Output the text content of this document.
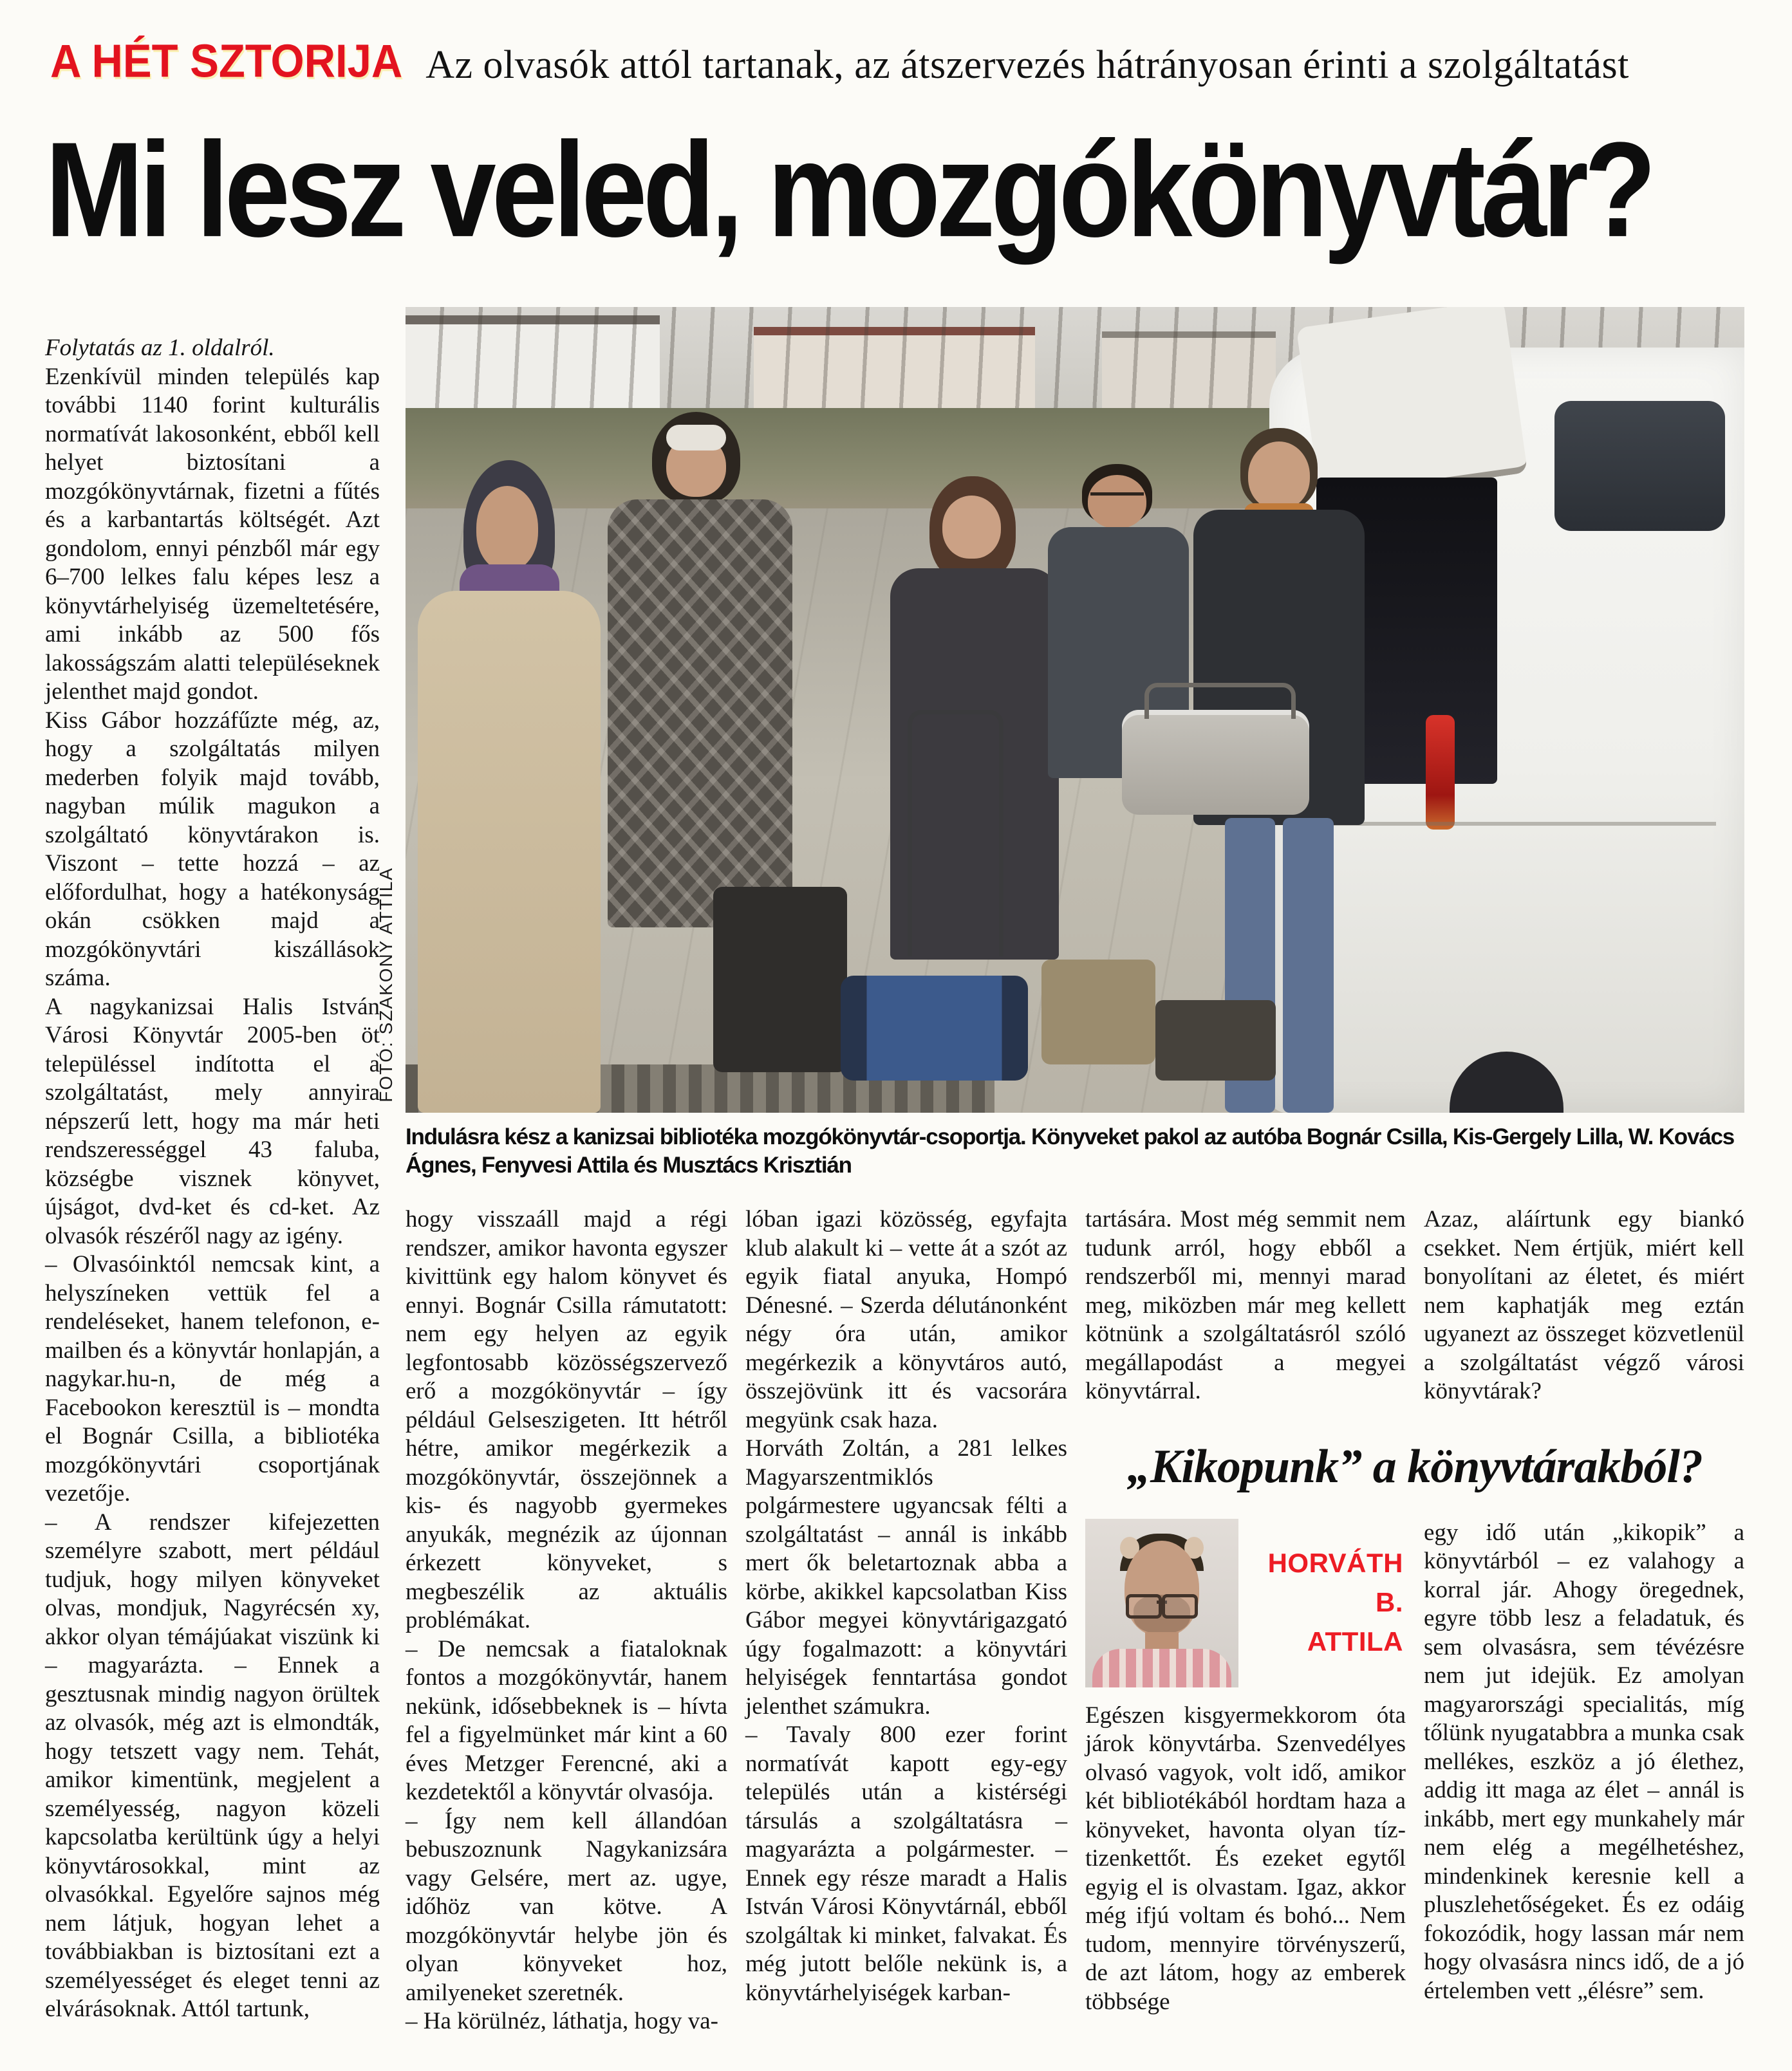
A HÉT SZTORIJA Az olvasók attól tartanak, az átszervezés hátrányosan érinti a szolgáltatást
Mi lesz veled, mozgókönyvtár?

Folytatás az 1. oldalról.

Ezenkívül minden település kap további 1140 forint kulturális normatívát lakosonként, ebből kell helyet biztosítani a mozgókönyvtárnak, fizetni a fűtés és a karbantartás költségét. Azt gondolom, ennyi pénzből már egy 6–700 lelkes falu képes lesz a könyvtárhelyiség üzemeltetésére, ami inkább az 500 fős lakosságszám alatti településeknek jelenthet majd gondot.

Kiss Gábor hozzáfűzte még, az, hogy a szolgáltatás milyen mederben folyik majd tovább, nagyban múlik magukon a szolgáltató könyvtárakon is. Viszont – tette hozzá – az előfordulhat, hogy a hatékonyság okán csökken majd a mozgókönyvtári kiszállások száma.

A nagykanizsai Halis István Városi Könyvtár 2005-ben öt településsel indította el a szolgáltatást, mely annyira népszerű lett, hogy ma már heti rendszerességgel 43 faluba, községbe visznek könyvet, újságot, dvd-ket és cd-ket. Az olvasók részéről nagy az igény.

– Olvasóinktól nemcsak kint, a helyszíneken vettük fel a rendeléseket, hanem telefonon, e-mailben és a könyvtár honlapján, a nagykar.hu-n, de még a Facebookon keresztül is – mondta el Bognár Csilla, a bibliotéka mozgókönyvtári csoportjának vezetője.

– A rendszer kifejezetten személyre szabott, mert például tudjuk, hogy milyen könyveket olvas, mondjuk, Nagyrécsén xy, akkor olyan témájúakat viszünk ki – magyarázta. – Ennek a gesztusnak mindig nagyon örültek az olvasók, még azt is elmondták, hogy tetszett vagy nem. Tehát, amikor kimentünk, megjelent a személyesség, nagyon közeli kapcsolatba kerültünk úgy a helyi könyvtárosokkal, mint az olvasókkal. Egyelőre sajnos még nem látjuk, hogyan lehet a továbbiakban is biztosítani ezt a személyességet és eleget tenni az elvárásoknak. Attól tartunk,

FOTÓ: SZAKONY ATTILA

Indulásra kész a kanizsai bibliotéka mozgókönyvtár-csoportja. Könyveket pakol az autóba Bognár Csilla, Kis-Gergely Lilla, W. Kovács Ágnes, Fenyvesi Attila és Musztács Krisztián

hogy visszaáll majd a régi rendszer, amikor havonta egyszer kivittünk egy halom könyvet és ennyi. Bognár Csilla rámutatott: nem egy helyen az egyik legfontosabb közösségszervező erő a mozgókönyvtár – így például Gelseszigeten. Itt hétről hétre, amikor megérkezik a mozgókönyvtár, összejönnek a kis- és nagyobb gyermekes anyukák, megnézik az újonnan érkezett könyveket, s megbeszélik az aktuális problémákat.

– De nemcsak a fiataloknak fontos a mozgókönyvtár, hanem nekünk, idősebbeknek is – hívta fel a figyelmünket már kint a 60 éves Metzger Ferencné, aki a kezdetektől a könyvtár olvasója.

– Így nem kell állandóan bebuszoznunk Nagykanizsára vagy Gelsére, mert az. ugye, időhöz van kötve. A mozgókönyvtár helybe jön és olyan könyveket hoz, amilyeneket szeretnék.

– Ha körülnéz, láthatja, hogy va-

lóban igazi közösség, egyfajta klub alakult ki – vette át a szót az egyik fiatal anyuka, Hompó Dénesné. – Szerda délutánonként négy óra után, amikor megérkezik a könyvtáros autó, összejövünk itt és vacsorára megyünk csak haza.

Horváth Zoltán, a 281 lelkes Magyarszentmiklós polgármestere ugyancsak félti a szolgáltatást – annál is inkább mert ők beletartoznak abba a körbe, akikkel kapcsolatban Kiss Gábor megyei könyvtárigazgató úgy fogalmazott: a könyvtári helyiségek fenntartása gondot jelenthet számukra.

– Tavaly 800 ezer forint normatívát kapott egy-egy település után a kistérségi társulás a szolgáltatásra – magyarázta a polgármester. – Ennek egy része maradt a Halis István Városi Könyvtárnál, ebből szolgáltak ki minket, falvakat. És még jutott belőle nekünk is, a könyvtárhelyiségek karban-

tartására. Most még semmit nem tudunk arról, hogy ebből a rendszerből mi, mennyi marad meg, miközben már meg kellett kötnünk a szolgáltatásról szóló megállapodást a megyei könyvtárral.

Azaz, aláírtunk egy biankó csekket. Nem értjük, miért kell bonyolítani az életet, és miért nem kaphatják meg eztán ugyanezt az összeget közvetlenül a szolgáltatást végző városi könyvtárak?

„Kikopunk” a könyvtárakból?
HORVÁTH B.
ATTILA

Egészen kisgyermekkorom óta járok könyvtárba. Szenvedélyes olvasó vagyok, volt idő, amikor két bibliotékából hordtam haza a könyveket, havonta olyan tíz-tizenkettőt. És ezeket egytől egyig el is olvastam. Igaz, akkor még ifjú voltam és bohó... Nem tudom, mennyire törvényszerű, de azt látom, hogy az emberek többsége

egy idő után „kikopik” a könyvtárból – ez valahogy a korral jár. Ahogy öregednek, egyre több lesz a feladatuk, és sem olvasásra, sem tévézésre nem jut idejük. Ez amolyan magyarországi specialitás, míg tőlünk nyugatabbra a munka csak mellékes, eszköz a jó élethez, addig itt maga az élet – annál is inkább, mert egy munkahely már nem elég a megélhetéshez, mindenkinek keresnie kell a pluszlehetőségeket. És ez odáig fokozódik, hogy lassan már nem hogy olvasásra nincs idő, de a jó értelemben vett „élésre” sem.
